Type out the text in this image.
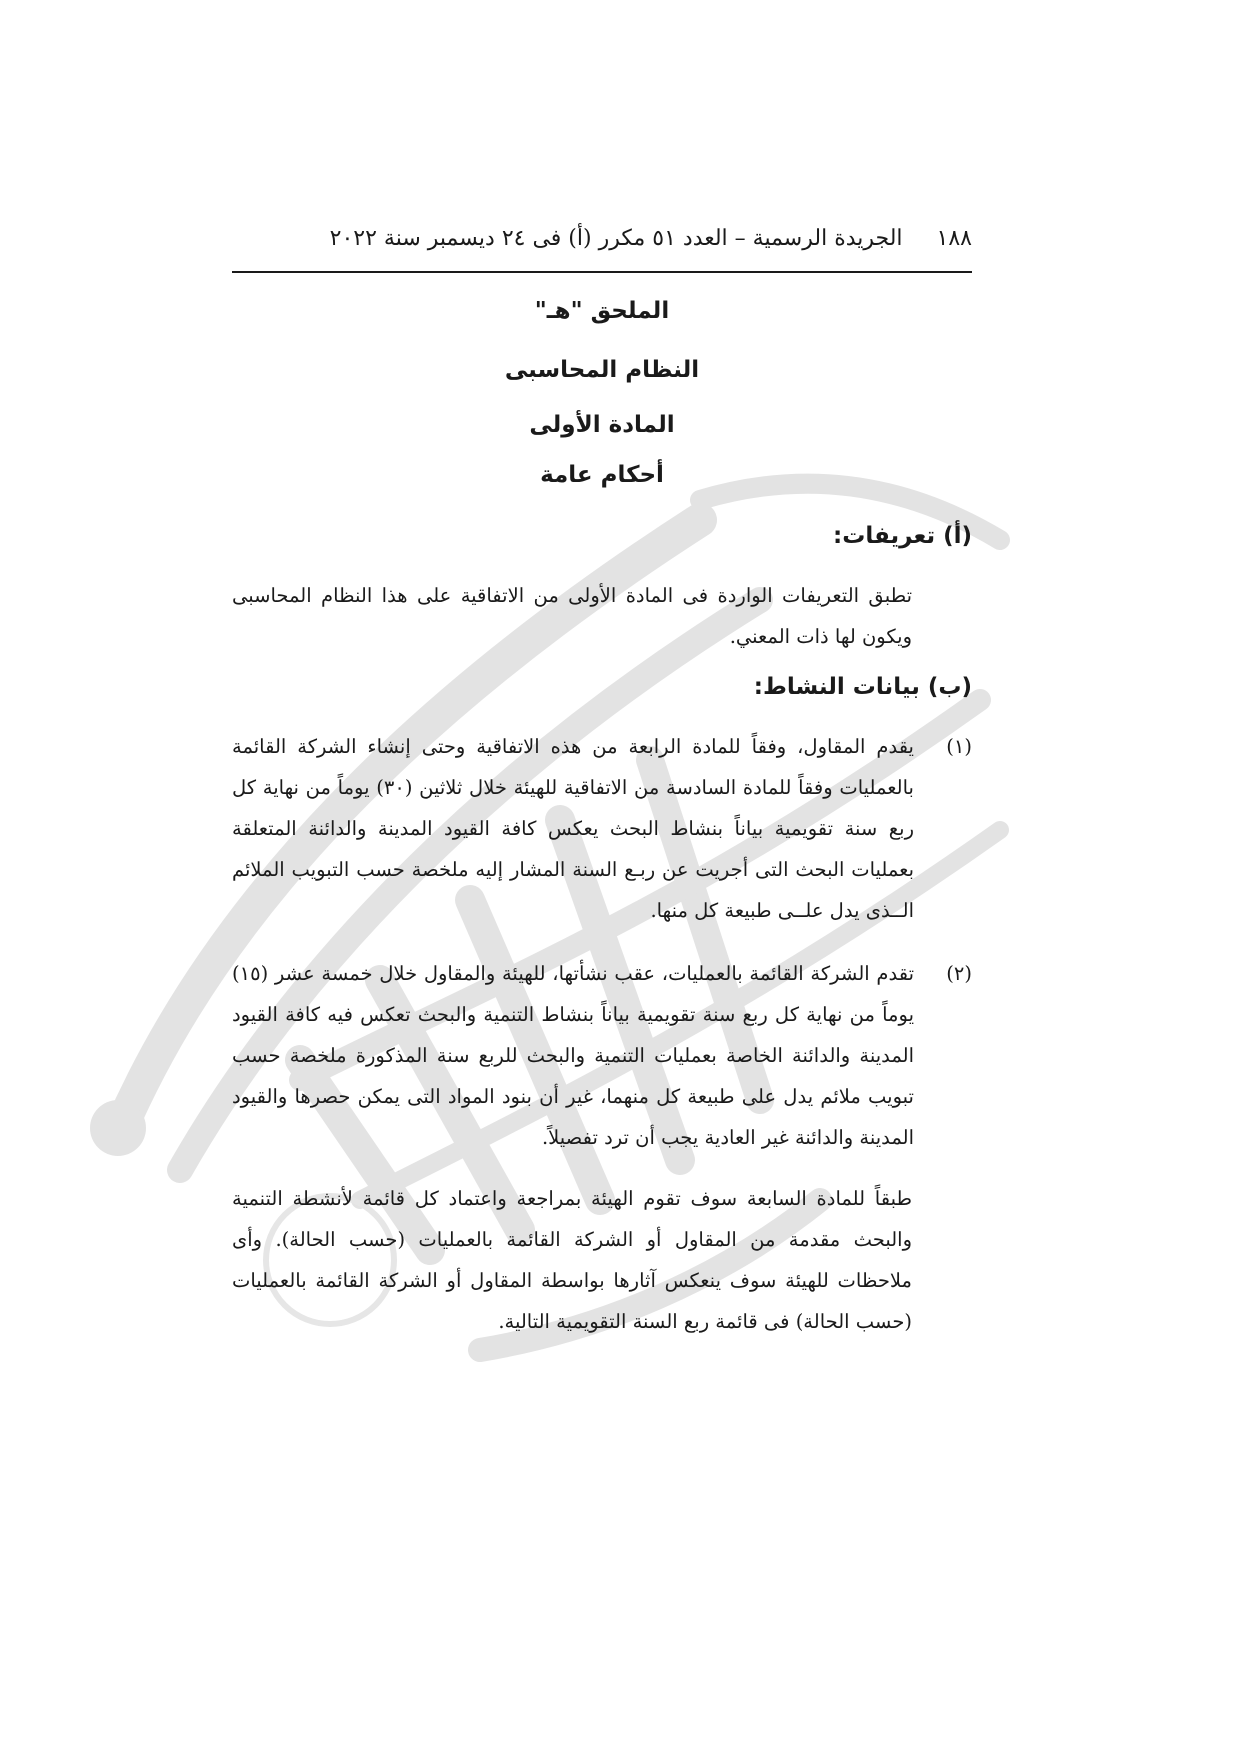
١٨٨
الجريدة الرسمية – العدد ٥١ مكرر (أ) فى ٢٤ ديسمبر سنة ٢٠٢٢
الملحق "هـ"
النظام المحاسبى
المادة الأولى
أحكام عامة
(أ) تعريفات:

تطبق التعريفات الواردة فى المادة الأولى من الاتفاقية على هذا النظام المحاسبى ويكون لها ذات المعني.

(ب) بيانات النشاط:
(١)
يقدم المقاول، وفقاً للمادة الرابعة من هذه الاتفاقية وحتى إنشاء الشركة القائمة بالعمليات وفقاً للمادة السادسة من الاتفاقية للهيئة خلال ثلاثين (٣٠) يوماً من نهاية كل ربع سنة تقويمية بياناً بنشاط البحث يعكس كافة القيود المدينة والدائنة المتعلقة بعمليات البحث التى أجريت عن ربـع السنة المشار إليه ملخصة حسب التبويب الملائم الــذى يدل علــى طبيعة كل منها.
(٢)
تقدم الشركة القائمة بالعمليات، عقب نشأتها، للهيئة والمقاول خلال خمسة عشر (١٥) يوماً من نهاية كل ربع سنة تقويمية بياناً بنشاط التنمية والبحث تعكس فيه كافة القيود المدينة والدائنة الخاصة بعمليات التنمية والبحث للربع سنة المذكورة ملخصة حسب تبويب ملائم يدل على طبيعة كل منهما، غير أن بنود المواد التى يمكن حصرها والقيود المدينة والدائنة غير العادية يجب أن ترد تفصيلاً.

طبقاً للمادة السابعة سوف تقوم الهيئة بمراجعة واعتماد كل قائمة لأنشطة التنمية والبحث مقدمة من المقاول أو الشركة القائمة بالعمليات (حسب الحالة). وأى ملاحظات للهيئة سوف ينعكس آثارها بواسطة المقاول أو الشركة القائمة بالعمليات (حسب الحالة) فى قائمة ربع السنة التقويمية التالية.
